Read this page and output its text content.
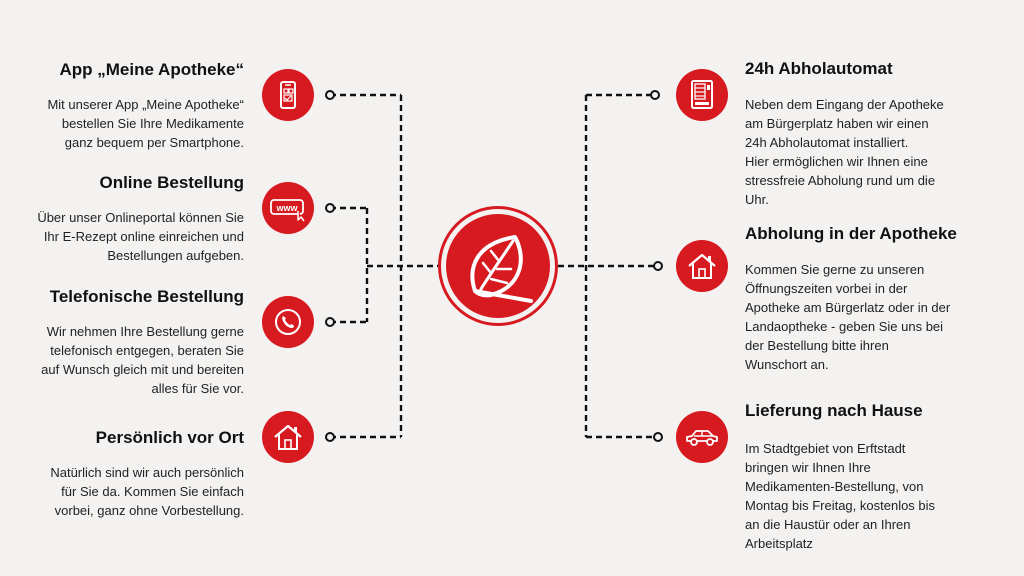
App „Meine Apotheke“
Mit unserer App „Meine Apotheke“
bestellen Sie Ihre Medikamente
ganz bequem per Smartphone.
Online Bestellung
Über unser Onlineportal können Sie
Ihr E-Rezept online einreichen und
Bestellungen aufgeben.
www
Telefonische Bestellung
Wir nehmen Ihre Bestellung gerne
telefonisch entgegen, beraten Sie
auf Wunsch gleich mit und bereiten
alles für Sie vor.
Persönlich vor Ort
Natürlich sind wir auch persönlich
für Sie da. Kommen Sie einfach
vorbei, ganz ohne Vorbestellung.
24h Abholautomat
Neben dem Eingang der Apotheke
am Bürgerplatz haben wir einen
24h Abholautomat installiert.
Hier ermöglichen wir Ihnen eine
stressfreie Abholung rund um die
Uhr.
Abholung in der Apotheke
Kommen Sie gerne zu unseren
Öffnungszeiten vorbei in der
Apotheke am Bürgerlatz oder in der
Landaoptheke - geben Sie uns bei
der Bestellung bitte ihren
Wunschort an.
Lieferung nach Hause
Im Stadtgebiet von Erftstadt
bringen wir Ihnen Ihre
Medikamenten-Bestellung, von
Montag bis Freitag, kostenlos bis
an die Haustür oder an Ihren
Arbeitsplatz
